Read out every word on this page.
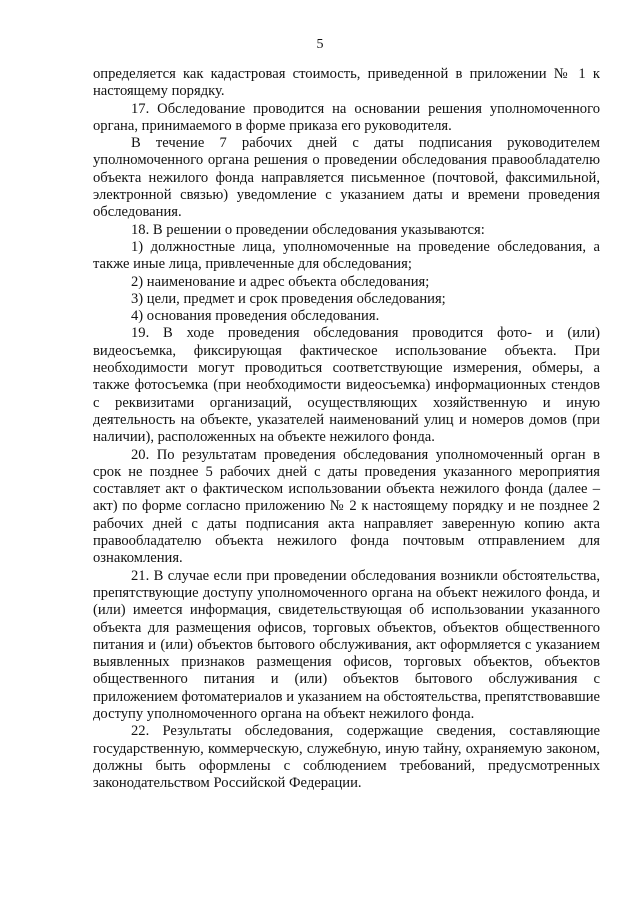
5

определяется как кадастровая стоимость, приведенной в приложении № 1 к настоящему порядку.

17. Обследование проводится на основании решения уполномоченного органа, принимаемого в форме приказа его руководителя.

В течение 7 рабочих дней с даты подписания руководителем уполномоченного органа решения о проведении обследования правообладателю объекта нежилого фонда направляется письменное (почтовой, факсимильной, электронной связью) уведомление с указанием даты и времени проведения обследования.

18. В решении о проведении обследования указываются:

1) должностные лица, уполномоченные на проведение обследования, а также иные лица, привлеченные для обследования;

2) наименование и адрес объекта обследования;

3) цели, предмет и срок проведения обследования;

4) основания проведения обследования.

19. В ходе проведения обследования проводится фото- и (или) видеосъемка, фиксирующая фактическое использование объекта. При необходимости могут проводиться соответствующие измерения, обмеры, а также фотосъемка (при необходимости видеосъемка) информационных стендов с реквизитами организаций, осуществляющих хозяйственную и иную деятельность на объекте, указателей наименований улиц и номеров домов (при наличии), расположенных на объекте нежилого фонда.

20. По результатам проведения обследования уполномоченный орган в срок не позднее 5 рабочих дней с даты проведения указанного мероприятия составляет акт о фактическом использовании объекта нежилого фонда (далее – акт) по форме согласно приложению № 2 к настоящему порядку и не позднее 2 рабочих дней с даты подписания акта направляет заверенную копию акта правообладателю объекта нежилого фонда почтовым отправлением для ознакомления.

21. В случае если при проведении обследования возникли обстоятельства, препятствующие доступу уполномоченного органа на объект нежилого фонда, и (или) имеется информация, свидетельствующая об использовании указанного объекта для размещения офисов, торговых объектов, объектов общественного питания и (или) объектов бытового обслуживания, акт оформляется с указанием выявленных признаков размещения офисов, торговых объектов, объектов общественного питания и (или) объектов бытового обслуживания с приложением фотоматериалов и указанием на обстоятельства, препятствовавшие доступу уполномоченного органа на объект нежилого фонда.

22. Результаты обследования, содержащие сведения, составляющие государственную, коммерческую, служебную, иную тайну, охраняемую законом, должны быть оформлены с соблюдением требований, предусмотренных законодательством Российской Федерации.
